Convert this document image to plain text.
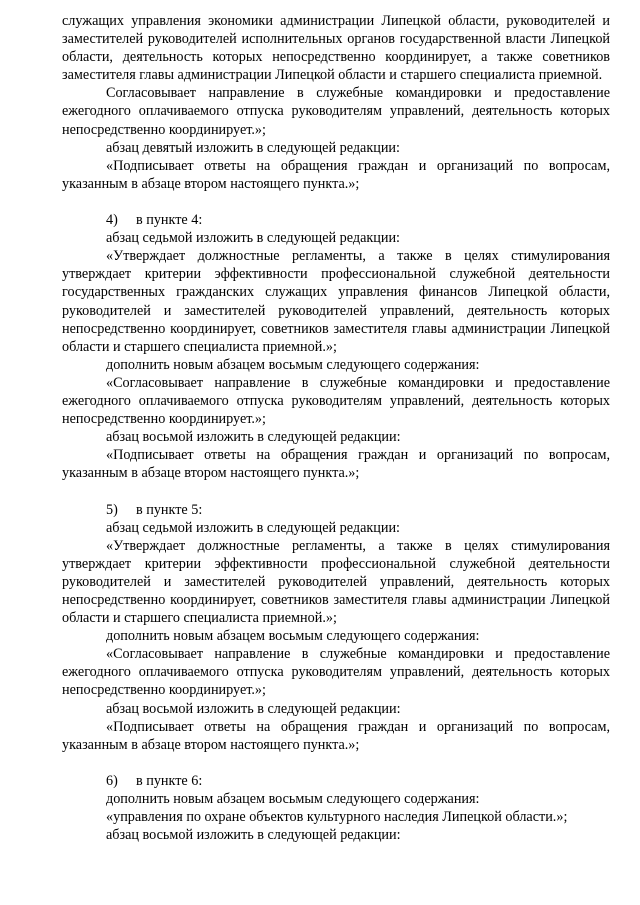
служащих управления экономики администрации Липецкой области, руководителей и заместителей руководителей исполнительных органов государственной власти Липецкой области, деятельность которых непосредственно координирует, а также советников заместителя главы администрации Липецкой области и старшего специалиста приемной.

Согласовывает направление в служебные командировки и предоставление ежегодного оплачиваемого отпуска руководителям управлений, деятельность которых непосредственно координирует.»;

абзац девятый изложить в следующей редакции:

«Подписывает ответы на обращения граждан и организаций по вопросам, указанным в абзаце втором настоящего пункта.»;

4) в пункте 4:

абзац седьмой изложить в следующей редакции:

«Утверждает должностные регламенты, а также в целях стимулирования утверждает критерии эффективности профессиональной служебной деятельности государственных гражданских служащих управления финансов Липецкой области, руководителей и заместителей руководителей управлений, деятельность которых непосредственно координирует, советников заместителя главы администрации Липецкой области и старшего специалиста приемной.»;

дополнить новым абзацем восьмым следующего содержания:

«Согласовывает направление в служебные командировки и предоставление ежегодного оплачиваемого отпуска руководителям управлений, деятельность которых непосредственно координирует.»;

абзац восьмой изложить в следующей редакции:

«Подписывает ответы на обращения граждан и организаций по вопросам, указанным в абзаце втором настоящего пункта.»;

5) в пункте 5:

абзац седьмой изложить в следующей редакции:

«Утверждает должностные регламенты, а также в целях стимулирования утверждает критерии эффективности профессиональной служебной деятельности руководителей и заместителей руководителей управлений, деятельность которых непосредственно координирует, советников заместителя главы администрации Липецкой области и старшего специалиста приемной.»;

дополнить новым абзацем восьмым следующего содержания:

«Согласовывает направление в служебные командировки и предоставление ежегодного оплачиваемого отпуска руководителям управлений, деятельность которых непосредственно координирует.»;

абзац восьмой изложить в следующей редакции:

«Подписывает ответы на обращения граждан и организаций по вопросам, указанным в абзаце втором настоящего пункта.»;

6) в пункте 6:

дополнить новым абзацем восьмым следующего содержания:

«управления по охране объектов культурного наследия Липецкой области.»;

абзац восьмой изложить в следующей редакции:
